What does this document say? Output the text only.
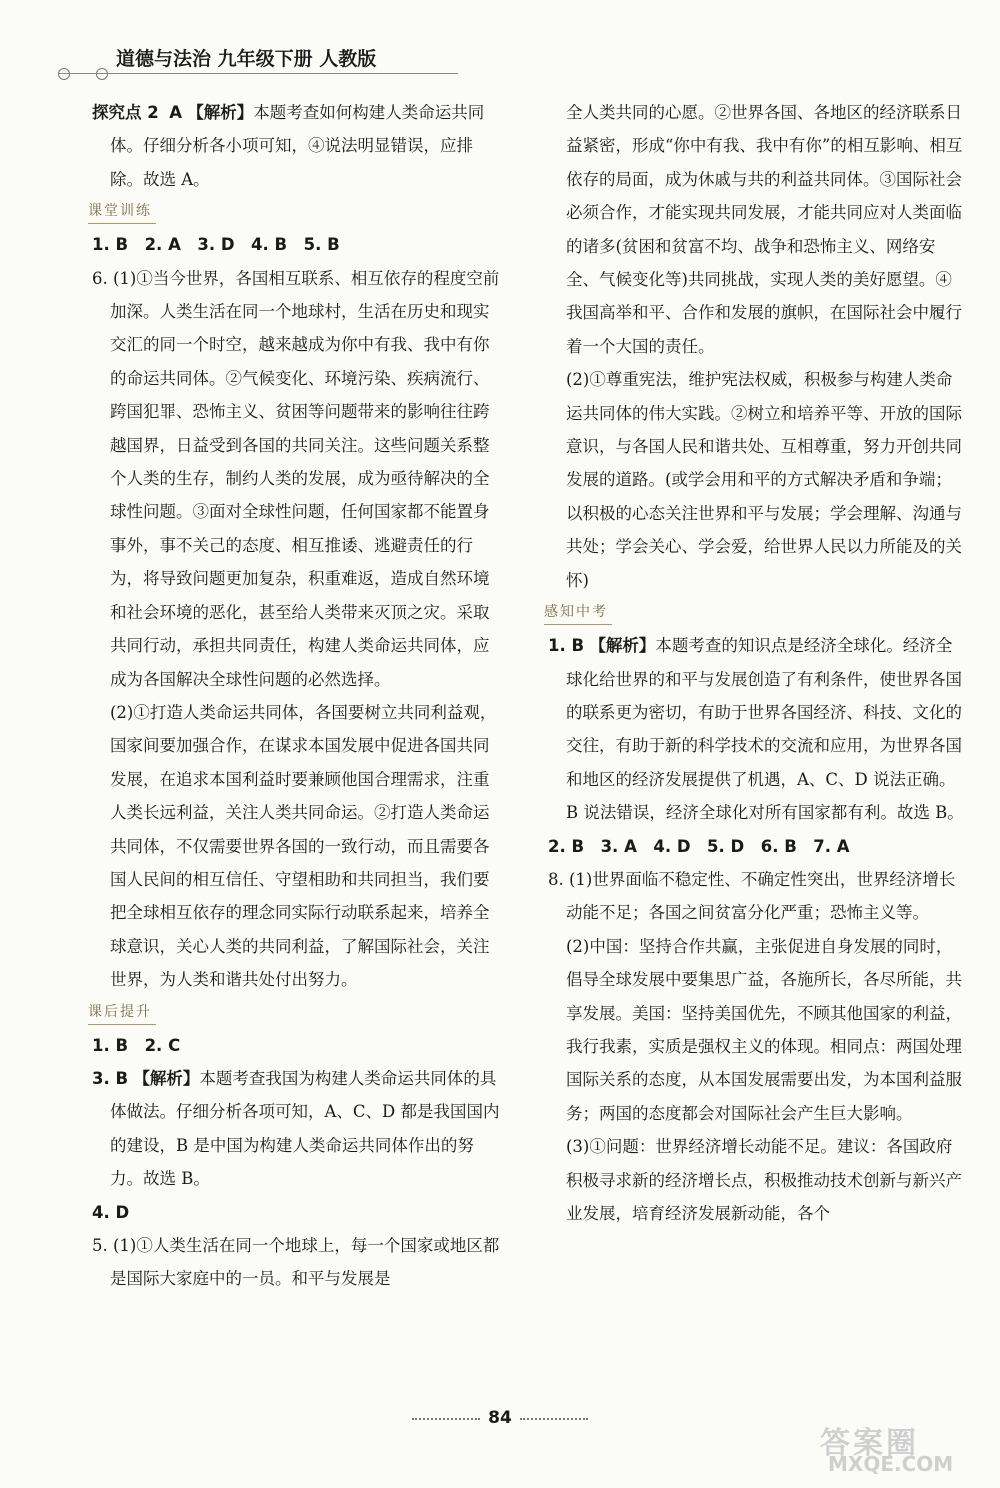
道德与法治 九年级下册 人教版

探究点 2 A 【解析】本题考查如何构建人类命运共同体。仔细分析各小项可知，④说法明显错误，应排除。故选 A。

课堂训练

1. B　2. A　3. D　4. B　5. B

6. (1)①当今世界，各国相互联系、相互依存的程度空前加深。人类生活在同一个地球村，生活在历史和现实交汇的同一个时空，越来越成为你中有我、我中有你的命运共同体。②气候变化、环境污染、疾病流行、跨国犯罪、恐怖主义、贫困等问题带来的影响往往跨越国界，日益受到各国的共同关注。这些问题关系整个人类的生存，制约人类的发展，成为亟待解决的全球性问题。③面对全球性问题，任何国家都不能置身事外，事不关己的态度、相互推诿、逃避责任的行为，将导致问题更加复杂，积重难返，造成自然环境和社会环境的恶化，甚至给人类带来灭顶之灾。采取共同行动，承担共同责任，构建人类命运共同体，应成为各国解决全球性问题的必然选择。

(2)①打造人类命运共同体，各国要树立共同利益观，国家间要加强合作，在谋求本国发展中促进各国共同发展，在追求本国利益时要兼顾他国合理需求，注重人类长远利益，关注人类共同命运。②打造人类命运共同体，不仅需要世界各国的一致行动，而且需要各国人民间的相互信任、守望相助和共同担当，我们要把全球相互依存的理念同实际行动联系起来，培养全球意识，关心人类的共同利益，了解国际社会，关注世界，为人类和谐共处付出努力。

课后提升

1. B　2. C

3. B 【解析】本题考查我国为构建人类命运共同体的具体做法。仔细分析各项可知，A、C、D 都是我国国内的建设，B 是中国为构建人类命运共同体作出的努力。故选 B。

4. D

5. (1)①人类生活在同一个地球上，每一个国家或地区都是国际大家庭中的一员。和平与发展是

全人类共同的心愿。②世界各国、各地区的经济联系日益紧密，形成“你中有我、我中有你”的相互影响、相互依存的局面，成为休戚与共的利益共同体。③国际社会必须合作，才能实现共同发展，才能共同应对人类面临的诸多(贫困和贫富不均、战争和恐怖主义、网络安全、气候变化等)共同挑战，实现人类的美好愿望。④我国高举和平、合作和发展的旗帜，在国际社会中履行着一个大国的责任。

(2)①尊重宪法，维护宪法权威，积极参与构建人类命运共同体的伟大实践。②树立和培养平等、开放的国际意识，与各国人民和谐共处、互相尊重，努力开创共同发展的道路。(或学会用和平的方式解决矛盾和争端；以积极的心态关注世界和平与发展；学会理解、沟通与共处；学会关心、学会爱，给世界人民以力所能及的关怀)

感知中考

1. B 【解析】本题考查的知识点是经济全球化。经济全球化给世界的和平与发展创造了有利条件，使世界各国的联系更为密切，有助于世界各国经济、科技、文化的交往，有助于新的科学技术的交流和应用，为世界各国和地区的经济发展提供了机遇，A、C、D 说法正确。B 说法错误，经济全球化对所有国家都有利。故选 B。

2. B　3. A　4. D　5. D　6. B　7. A

8. (1)世界面临不稳定性、不确定性突出，世界经济增长动能不足；各国之间贫富分化严重；恐怖主义等。

(2)中国：坚持合作共赢，主张促进自身发展的同时，倡导全球发展中要集思广益，各施所长，各尽所能，共享发展。美国：坚持美国优先，不顾其他国家的利益，我行我素，实质是强权主义的体现。相同点：两国处理国际关系的态度，从本国发展需要出发，为本国利益服务；两国的态度都会对国际社会产生巨大影响。

(3)①问题：世界经济增长动能不足。建议：各国政府积极寻求新的经济增长点，积极推动技术创新与新兴产业发展，培育经济发展新动能，各个

84
答案圈
MXQE.COM
